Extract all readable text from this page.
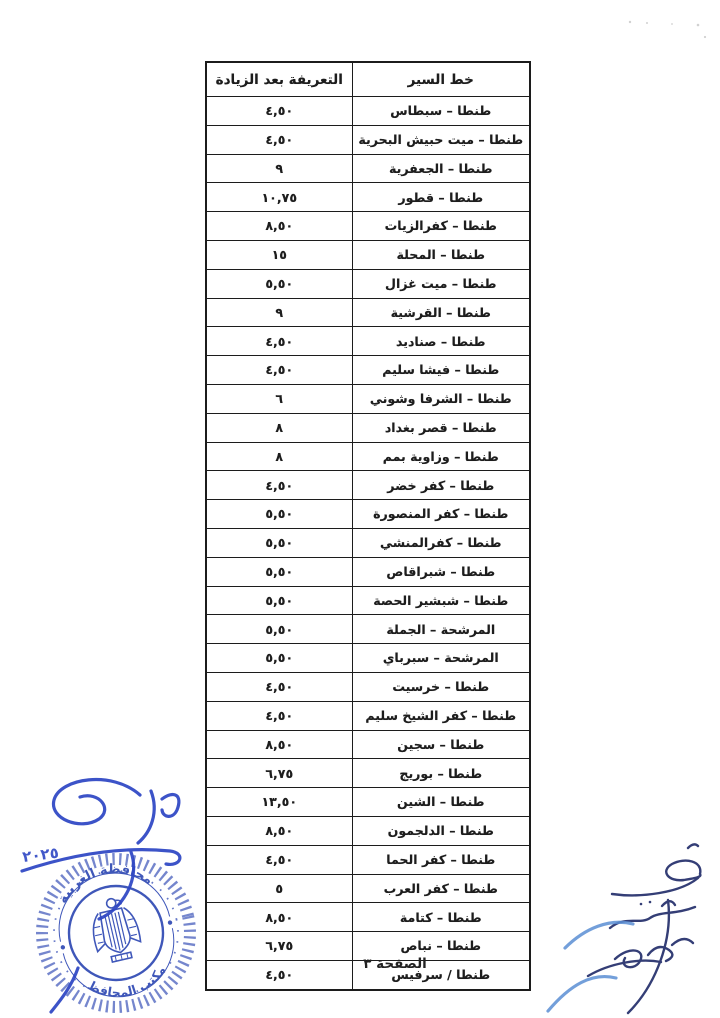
خط السير	التعريفة بعد الزيادة
طنطا – سبطاس	٤,٥٠
طنطا – ميت حبيش البحرية	٤,٥٠
طنطا – الجعفرية	٩
طنطا – قطور	١٠,٧٥
طنطا – كفرالزيات	٨,٥٠
طنطا – المحلة	١٥
طنطا – ميت غزال	٥,٥٠
طنطا – القرشية	٩
طنطا – صناديد	٤,٥٠
طنطا – فيشا سليم	٤,٥٠
طنطا – الشرفا وشوني	٦
طنطا – قصر بغداد	٨
طنطا – وزاوية بمم	٨
طنطا – كفر خضر	٤,٥٠
طنطا – كفر المنصورة	٥,٥٠
طنطا – كفرالمنشي	٥,٥٠
طنطا – شبراقاص	٥,٥٠
طنطا – شبشير الحصة	٥,٥٠
المرشحة – الجملة	٥,٥٠
المرشحة – سبرباي	٥,٥٠
طنطا – خرسيت	٤,٥٠
طنطا – كفر الشيخ سليم	٤,٥٠
طنطا – سجين	٨,٥٠
طنطا – بوريج	٦,٧٥
طنطا – الشين	١٣,٥٠
طنطا – الدلجمون	٨,٥٠
طنطا – كفر الحما	٤,٥٠
طنطا – كفر العرب	٥
طنطا – كتامة	٨,٥٠
طنطا – نباص	٦,٧٥
طنطا / سرفيس	٤,٥٠
الصفحة ٣
محافظة الغربية
مكتب المحافظ
٢٠٢٥
